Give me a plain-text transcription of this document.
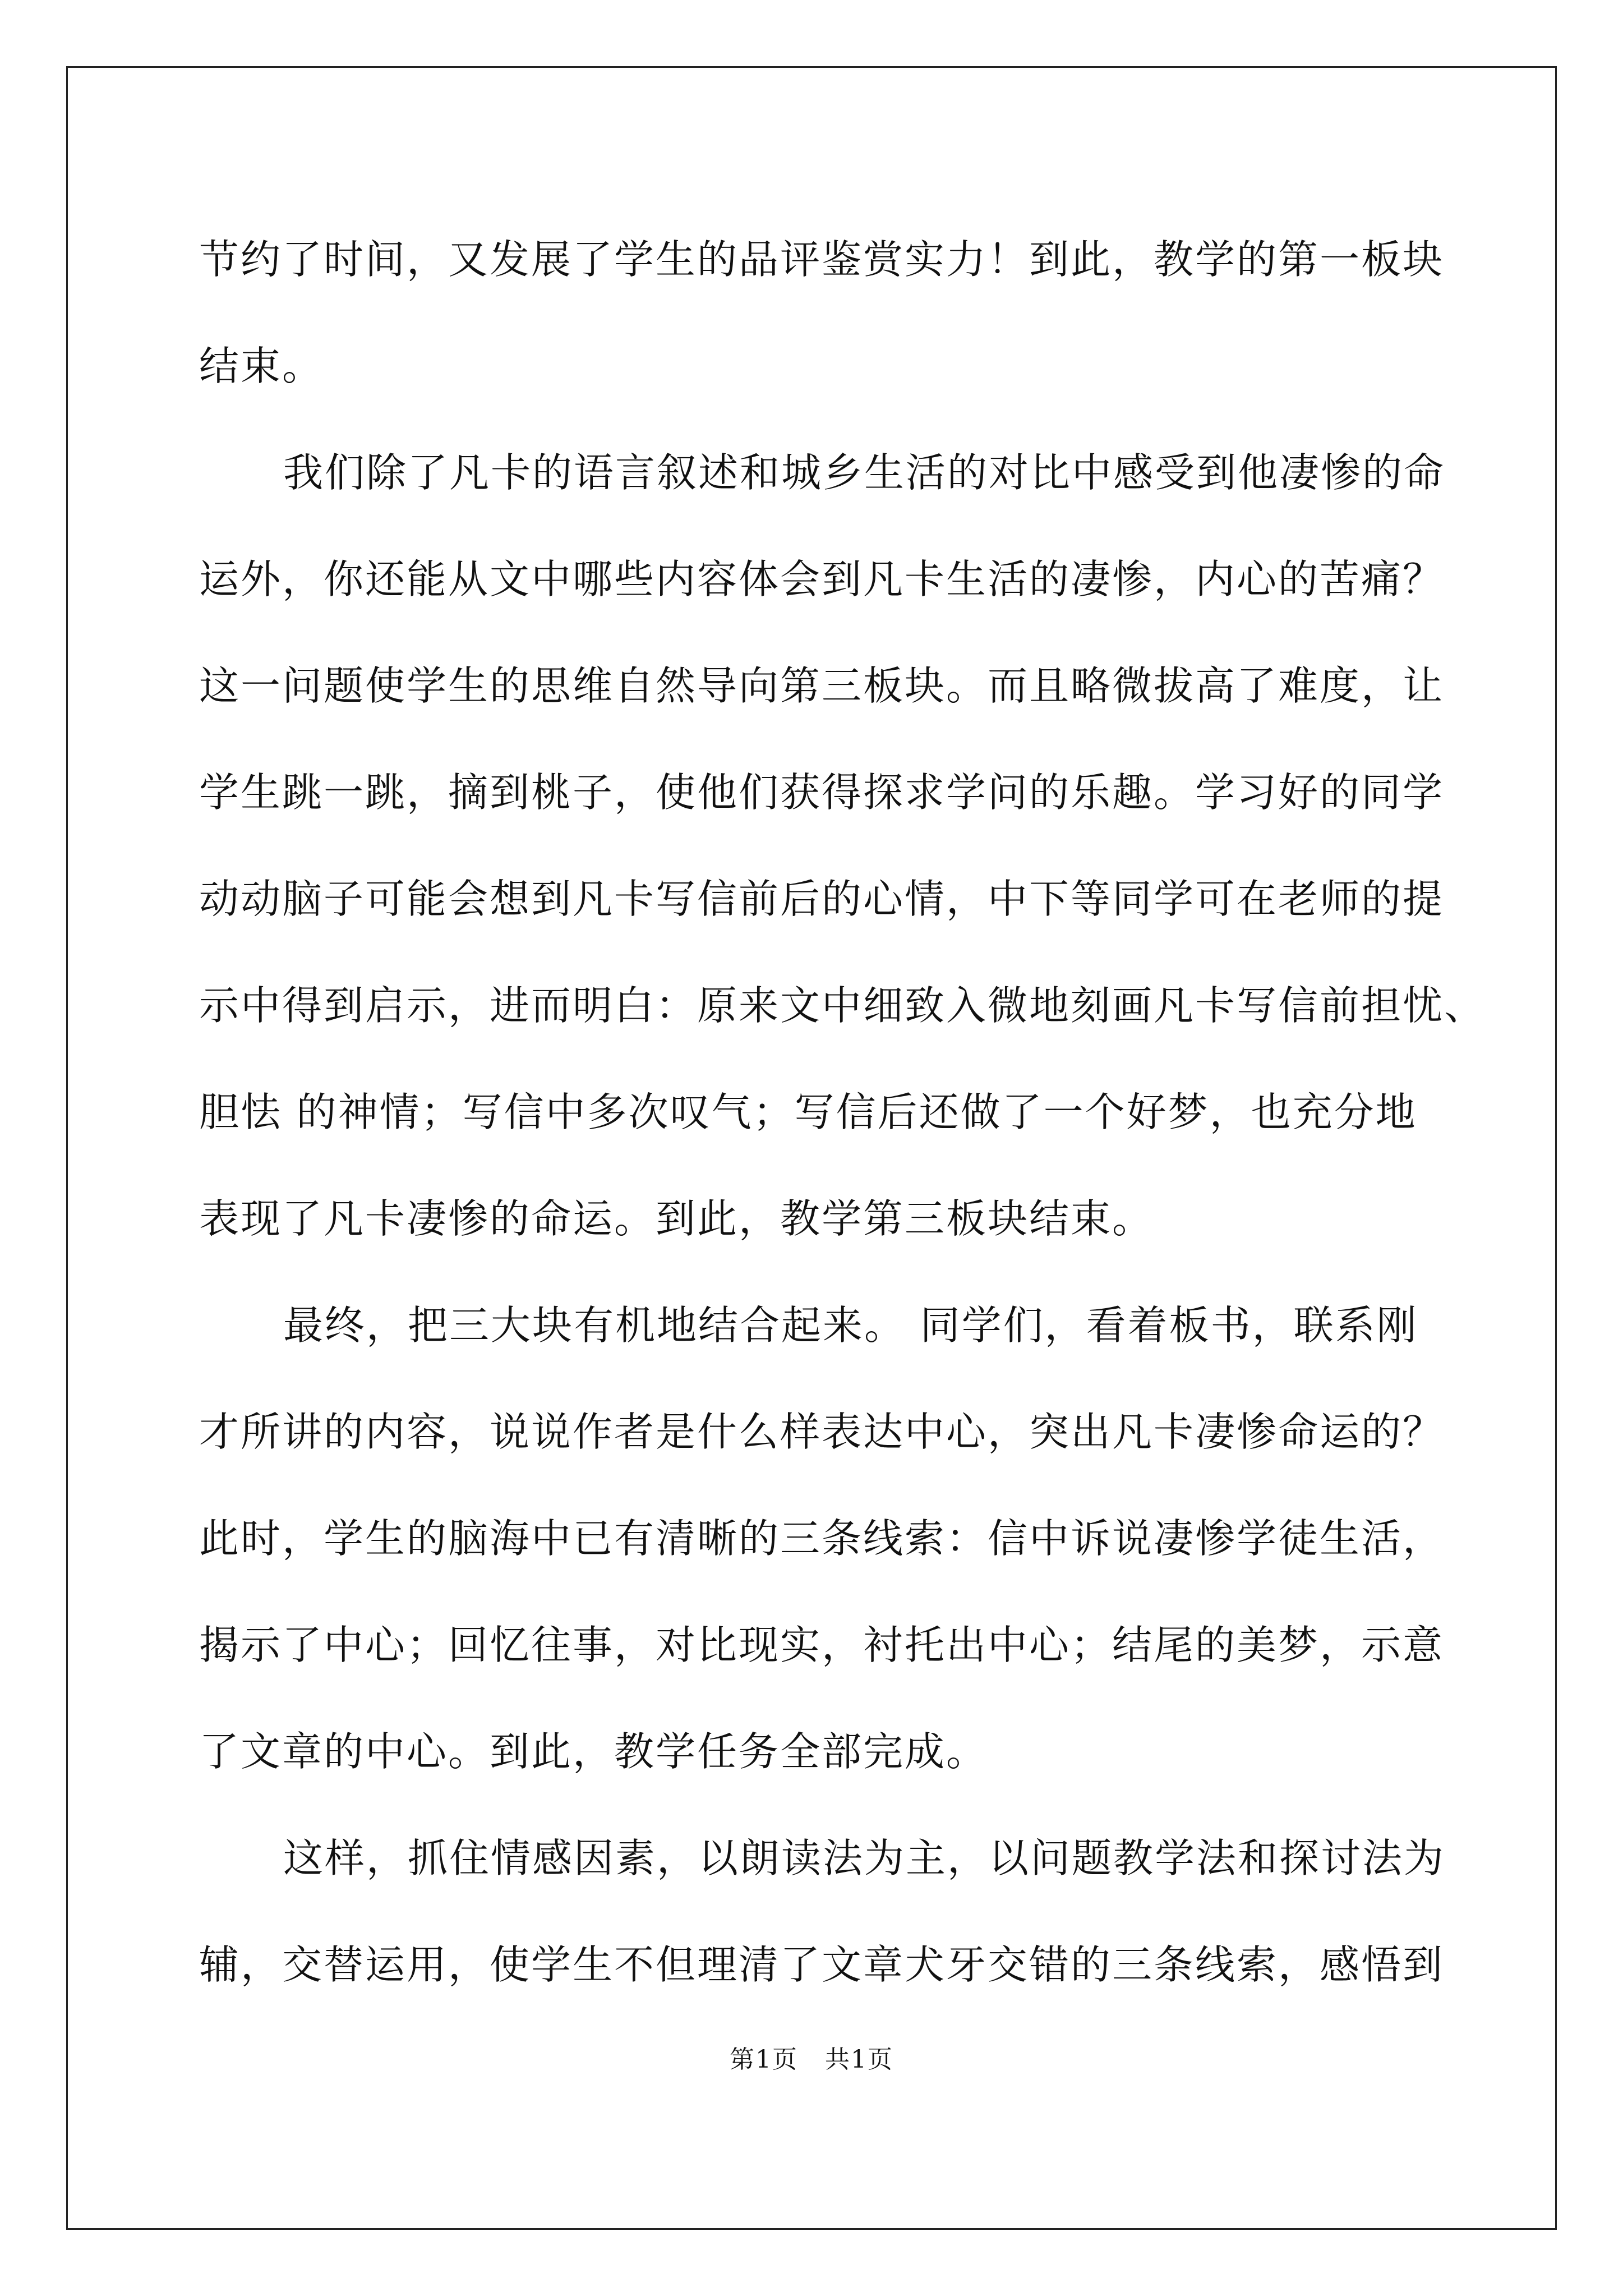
节约了时间，又发展了学生的品评鉴赏实力！到此，教学的第一板块
结束。
我们除了凡卡的语言叙述和城乡生活的对比中感受到他凄惨的命
运外，你还能从文中哪些内容体会到凡卡生活的凄惨，内心的苦痛？
这一问题使学生的思维自然导向第三板块。而且略微拔高了难度，让
学生跳一跳，摘到桃子，使他们获得探求学问的乐趣。学习好的同学
动动脑子可能会想到凡卡写信前后的心情，中下等同学可在老师的提
示中得到启示，进而明白：原来文中细致入微地刻画凡卡写信前担忧、
胆怯 的神情；写信中多次叹气；写信后还做了一个好梦，也充分地
表现了凡卡凄惨的命运。到此，教学第三板块结束。
最终，把三大块有机地结合起来。 同学们，看着板书，联系刚
才所讲的内容，说说作者是什么样表达中心，突出凡卡凄惨命运的？
此时，学生的脑海中已有清晰的三条线索：信中诉说凄惨学徒生活，
揭示了中心；回忆往事，对比现实，衬托出中心；结尾的美梦，示意
了文章的中心。到此，教学任务全部完成。
这样，抓住情感因素，以朗读法为主，以问题教学法和探讨法为
辅，交替运用，使学生不但理清了文章犬牙交错的三条线索，感悟到
第1页 共1页
